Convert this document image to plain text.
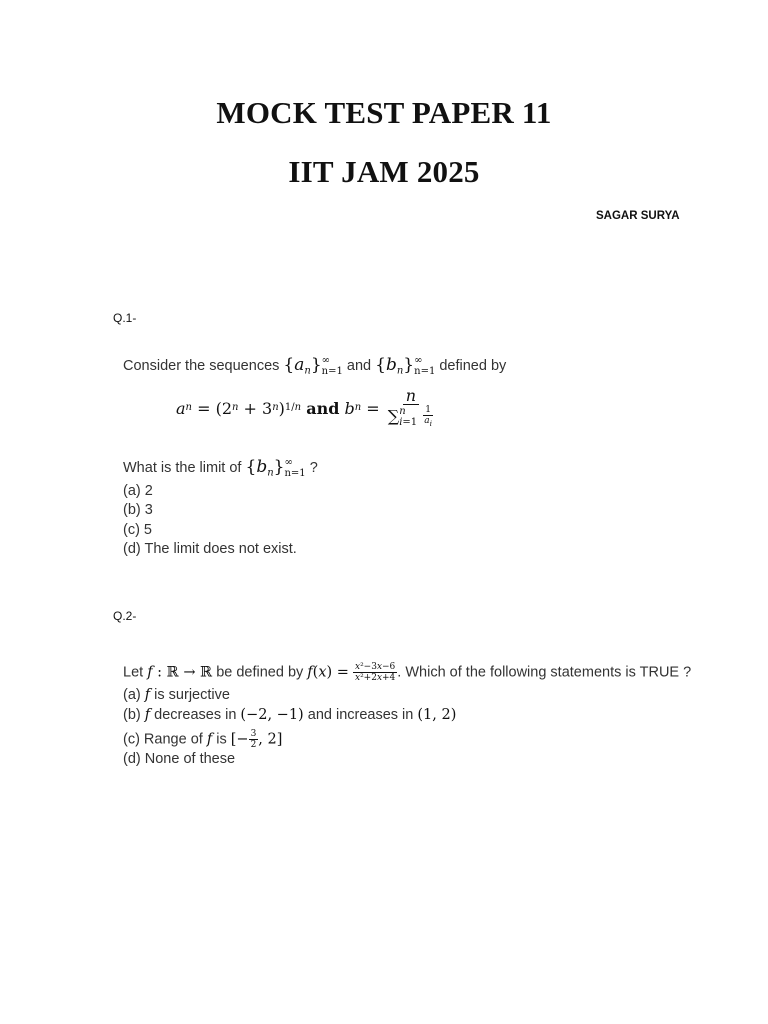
MOCK TEST PAPER 11
IIT JAM 2025
SAGAR SURYA
Q.1-
Consider the sequences $\{a_n\}$ ∞
n=1 and $\{b_n\}$ ∞
n=1 defined by
a n = (2 n + 3 n ) 1/n
and
b n = n
∑ n
i=1
$\frac{1}{a_i}$
What is the limit of $\{b_n\}$ ∞
n=1 ?
(a) 2
(b) 3
(c) 5
(d) The limit does not exist.
Q.2-
Let f : ℝ → ℝ be defined by $f(x) = \frac{\text{x²−3x−6}}{\text{x²+2x+4}}$ . Which of the following statements is TRUE ?
(a) f is surjective
(b) f decreases in (−2, −1) and increases in (1, 2)
(c) Range of f is [− $\frac{3}{2}$ , 2]
(d) None of these
